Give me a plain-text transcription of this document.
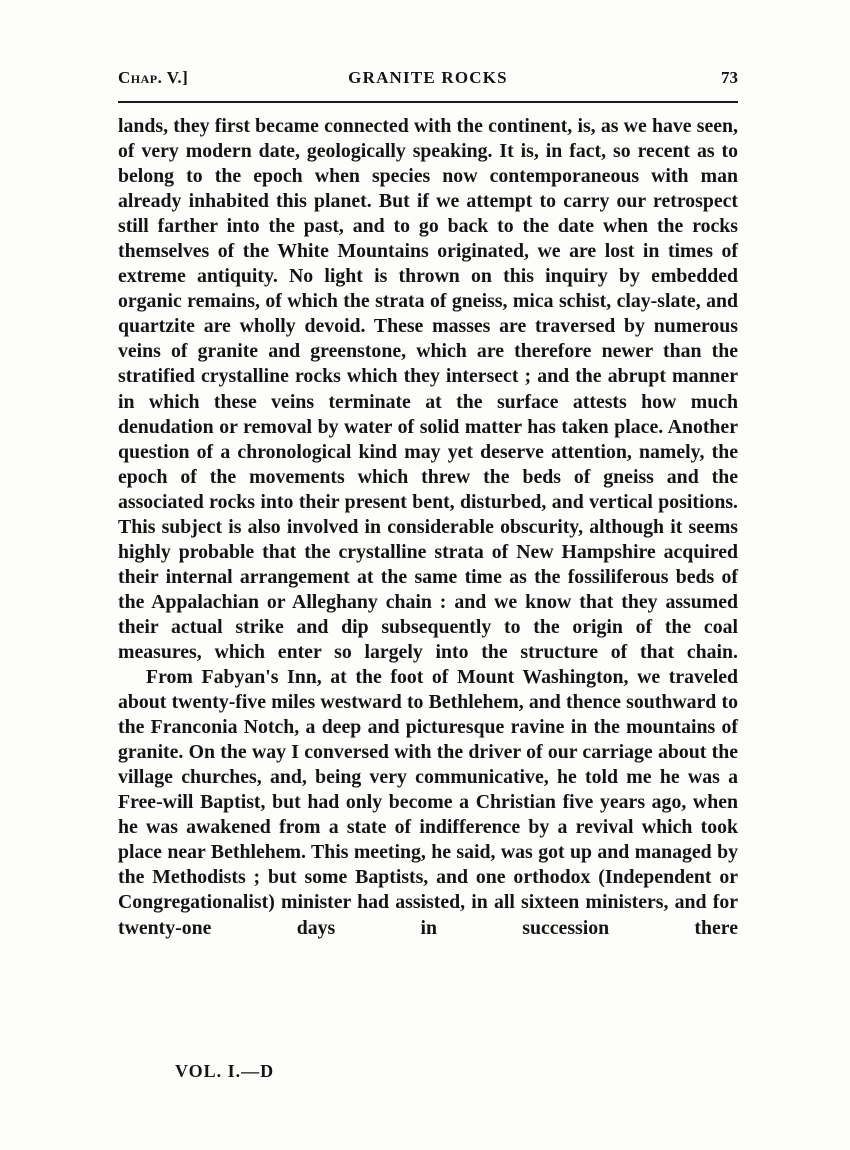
Chap. V.]	GRANITE ROCKS	73

lands, they first became connected with the continent, is, as we have seen, of very modern date, geologically speaking. It is, in fact, so recent as to belong to the epoch when species now contemporaneous with man already inhabited this planet. But if we attempt to carry our retrospect still farther into the past, and to go back to the date when the rocks themselves of the White Mountains originated, we are lost in times of extreme antiquity. No light is thrown on this inquiry by embedded organic remains, of which the strata of gneiss, mica schist, clay-slate, and quartzite are wholly devoid. These masses are traversed by numerous veins of granite and greenstone, which are therefore newer than the stratified crystalline rocks which they intersect ; and the abrupt manner in which these veins terminate at the surface attests how much denudation or removal by water of solid matter has taken place. Another question of a chronological kind may yet deserve attention, namely, the epoch of the movements which threw the beds of gneiss and the associated rocks into their present bent, disturbed, and vertical positions. This subject is also involved in considerable obscurity, although it seems highly probable that the crystalline strata of New Hampshire acquired their internal arrangement at the same time as the fossiliferous beds of the Appalachian or Alleghany chain : and we know that they assumed their actual strike and dip subsequently to the origin of the coal measures, which enter so largely into the structure of that chain.

From Fabyan's Inn, at the foot of Mount Washington, we traveled about twenty-five miles westward to Bethlehem, and thence southward to the Franconia Notch, a deep and picturesque ravine in the mountains of granite. On the way I conversed with the driver of our carriage about the village churches, and, being very communicative, he told me he was a Free-will Baptist, but had only become a Christian five years ago, when he was awakened from a state of indifference by a revival which took place near Bethlehem. This meeting, he said, was got up and managed by the Methodists ; but some Baptists, and one orthodox (Independent or Congregationalist) minister had assisted, in all sixteen ministers, and for twenty-one days in succession there

VOL. I.—D
